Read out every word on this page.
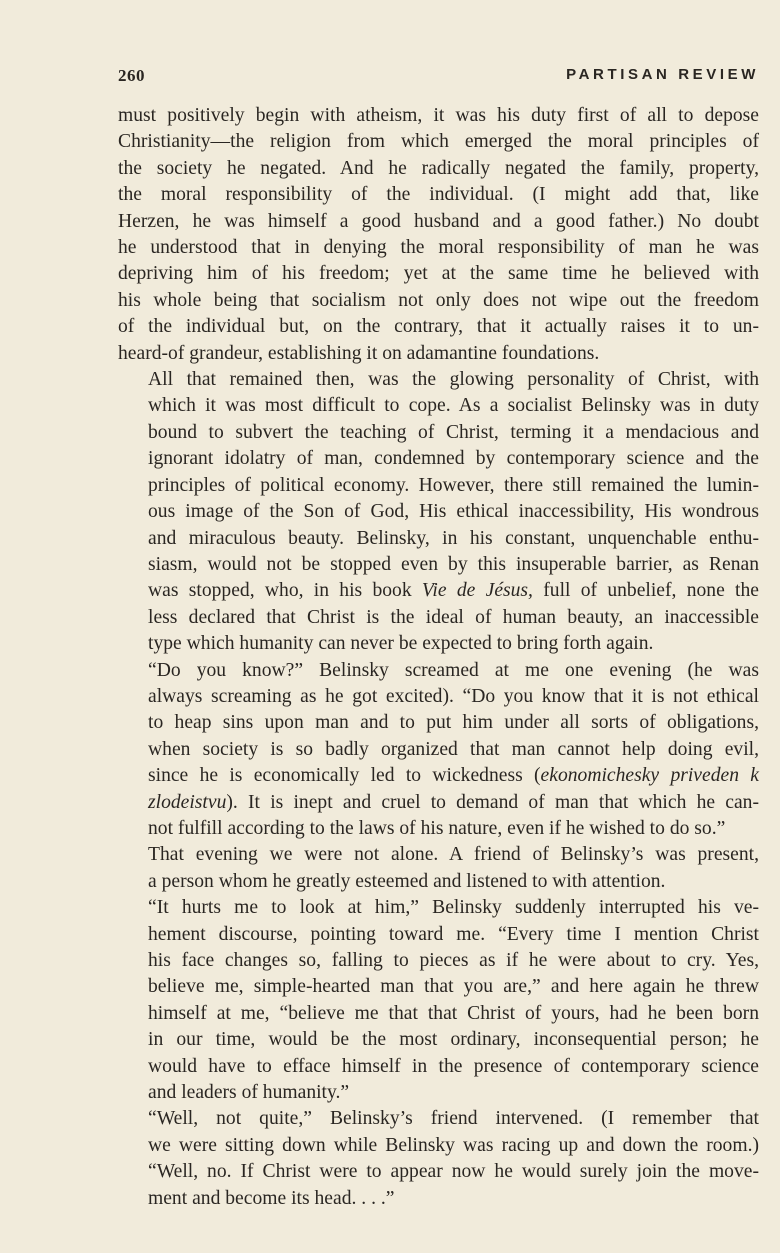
260	PARTISAN REVIEW

must positively begin with atheism, it was his duty first of all to depose
Christianity—the religion from which emerged the moral principles of
the society he negated. And he radically negated the family, property,
the moral responsibility of the individual. (I might add that, like
Herzen, he was himself a good husband and a good father.) No doubt
he understood that in denying the moral responsibility of man he was
depriving him of his freedom; yet at the same time he believed with
his whole being that socialism not only does not wipe out the freedom
of the individual but, on the contrary, that it actually raises it to un-
heard-of grandeur, establishing it on adamantine foundations.

All that remained then, was the glowing personality of Christ, with
which it was most difficult to cope. As a socialist Belinsky was in duty
bound to subvert the teaching of Christ, terming it a mendacious and
ignorant idolatry of man, condemned by contemporary science and the
principles of political economy. However, there still remained the lumin-
ous image of the Son of God, His ethical inaccessibility, His wondrous
and miraculous beauty. Belinsky, in his constant, unquenchable enthu-
siasm, would not be stopped even by this insuperable barrier, as Renan
was stopped, who, in his book Vie de Jésus, full of unbelief, none the
less declared that Christ is the ideal of human beauty, an inaccessible
type which humanity can never be expected to bring forth again.

“Do you know?” Belinsky screamed at me one evening (he was
always screaming as he got excited). “Do you know that it is not ethical
to heap sins upon man and to put him under all sorts of obligations,
when society is so badly organized that man cannot help doing evil,
since he is economically led to wickedness (ekonomichesky priveden k
zlodeistvu). It is inept and cruel to demand of man that which he can-
not fulfill according to the laws of his nature, even if he wished to do so.”

That evening we were not alone. A friend of Belinsky’s was present,
a person whom he greatly esteemed and listened to with attention.

“It hurts me to look at him,” Belinsky suddenly interrupted his ve-
hement discourse, pointing toward me. “Every time I mention Christ
his face changes so, falling to pieces as if he were about to cry. Yes,
believe me, simple-hearted man that you are,” and here again he threw
himself at me, “believe me that that Christ of yours, had he been born
in our time, would be the most ordinary, inconsequential person; he
would have to efface himself in the presence of contemporary science
and leaders of humanity.”

“Well, not quite,” Belinsky’s friend intervened. (I remember that
we were sitting down while Belinsky was racing up and down the room.)
“Well, no. If Christ were to appear now he would surely join the move-
ment and become its head. . . .”
